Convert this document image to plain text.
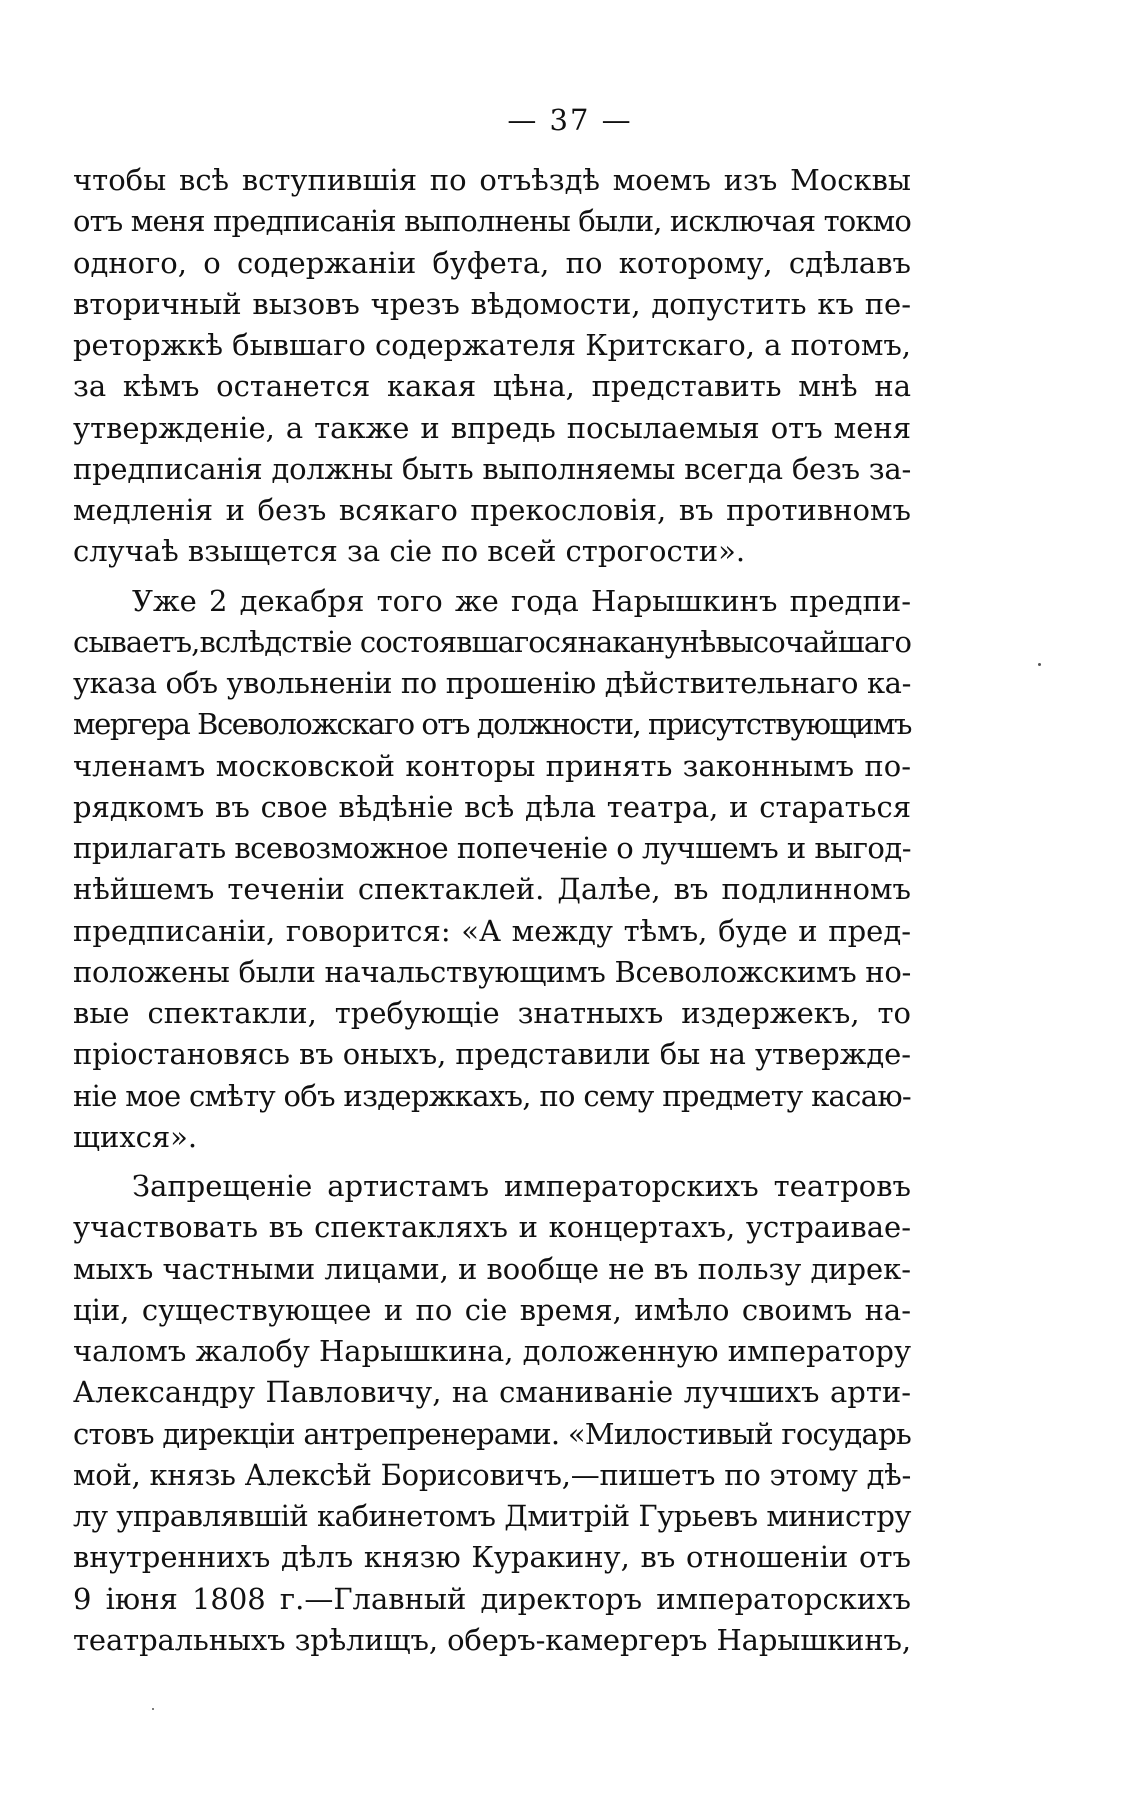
— 37 —
чтобы всѣ вступившія по отъѣздѣ моемъ изъ Москвы
отъ меня предписанія выполнены были, исключая токмо
одного, о содержаніи буфета, по которому, сдѣлавъ
вторичный вызовъ чрезъ вѣдомости, допустить къ пе-
реторжкѣ бывшаго содержателя Критскаго, а потомъ,
за кѣмъ останется какая цѣна, представить мнѣ на
утвержденіе, а также и впредь посылаемыя отъ меня
предписанія должны быть выполняемы всегда безъ за-
медленія и безъ всякаго прекословія, въ противномъ
случаѣ взыщется за сіе по всей строгости».
Уже 2 декабря того же года Нарышкинъ предпи-
сываетъ,вслѣдствіе состоявшагосянаканунѣвысочайшаго
указа объ увольненіи по прошенію дѣйствительнаго ка-
мергера Всеволожскаго отъ должности, присутствующимъ
членамъ московской конторы принять законнымъ по-
рядкомъ въ свое вѣдѣніе всѣ дѣла театра, и стараться
прилагать всевозможное попеченіе о лучшемъ и выгод-
нѣйшемъ теченіи спектаклей. Далѣе, въ подлинномъ
предписаніи, говорится: «А между тѣмъ, буде и пред-
положены были начальствующимъ Всеволожскимъ но-
вые спектакли, требующіе знатныхъ издержекъ, то
пріостановясь въ оныхъ, представили бы на утвержде-
ніе мое смѣту объ издержкахъ, по сему предмету касаю-
щихся».
Запрещеніе артистамъ императорскихъ театровъ
участвовать въ спектакляхъ и концертахъ, устраивае-
мыхъ частными лицами, и вообще не въ пользу дирек-
ціи, существующее и по сіе время, имѣло своимъ на-
чаломъ жалобу Нарышкина, доложенную императору
Александру Павловичу, на сманиваніе лучшихъ арти-
стовъ дирекціи антрепренерами. «Милостивый государь
мой, князь Алексѣй Борисовичъ,—пишетъ по этому дѣ-
лу управлявшій кабинетомъ Дмитрій Гурьевъ министру
внутреннихъ дѣлъ князю Куракину, въ отношеніи отъ
9 іюня 1808 г.—Главный директоръ императорскихъ
театральныхъ зрѣлищъ, оберъ-камергеръ Нарышкинъ,
